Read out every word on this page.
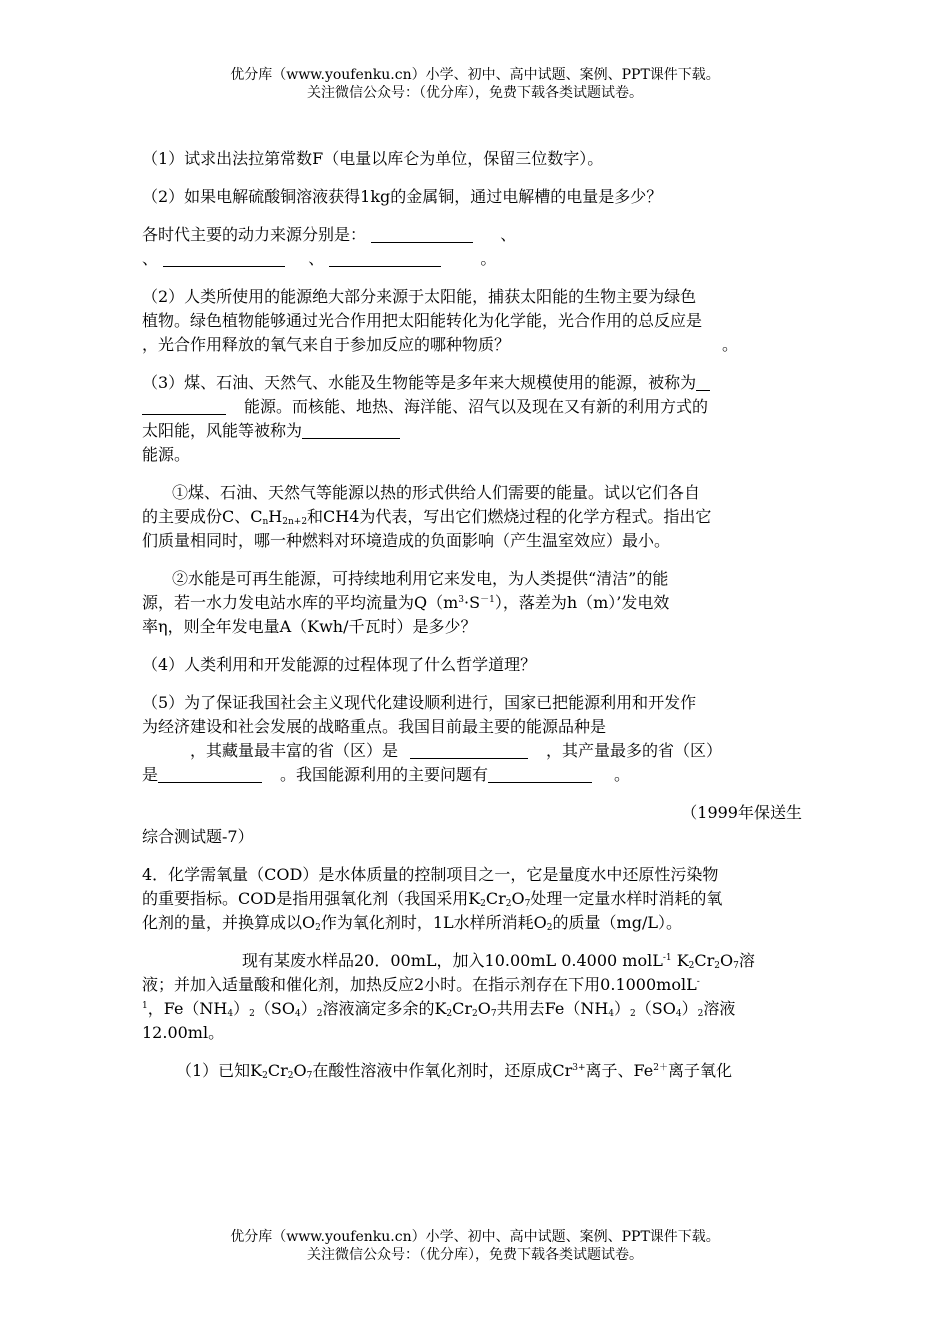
优分库（www.youfenku.cn）小学、初中、高中试题、案例、PPT课件下载。
关注微信公众号：（优分库），免费下载各类试题试卷。

（1）试求出法拉第常数F（电量以库仑为单位，保留三位数字）。

（2）如果电解硫酸铜溶液获得1kg的金属铜，通过电解槽的电量是多少？

各时代主要的动力来源分别是：	、
、	、	。
（2）人类所使用的能源绝大部分来源于太阳能，捕获太阳能的生物主要为绿色
植物。绿色植物能够通过光合作用把太阳能转化为化学能，光合作用的总反应是
，光合作用释放的氧气来自于参加反应的哪种物质？	。
（3）煤、石油、天然气、水能及生物能等是多年来大规模使用的能源，被称为
能源。而核能、地热、海洋能、沼气以及现在又有新的利用方式的
太阳能，风能等被称为
能源。
①煤、石油、天然气等能源以热的形式供给人们需要的能量。试以它们各自
的主要成份C、$C_nH_{2n+2}$和CH4为代表，写出它们燃烧过程的化学方程式。指出它
们质量相同时，哪一种燃料对环境造成的负面影响（产生温室效应）最小。
②水能是可再生能源，可持续地利用它来发电，为人类提供“清洁”的能
源，若一水力发电站水库的平均流量为$Q(m^3\cdot S^{-1})$，落差为h（m）’发电效
率η，则全年发电量A（Kwh/千瓦时）是多少？

（4）人类利用和开发能源的过程体现了什么哲学道理？

（5）为了保证我国社会主义现代化建设顺利进行，国家已把能源利用和开发作
为经济建设和社会发展的战略重点。我国目前最主要的能源品种是
，其藏量最丰富的省（区）是	，其产量最多的省（区）
是	。我国能源利用的主要问题有	。
（1999年保送生
综合测试题-7）
4．化学需氧量（COD）是水体质量的控制项目之一，它是量度水中还原性污染物
的重要指标。COD是指用强氧化剂（我国采用$K_2Cr_2O_7$处理一定量水样时消耗的氧
化剂的量，并换算成以$O_2$作为氧化剂时，1L水样所消耗$O_2$的质量（mg/L）。
现有某废水样品20．00mL，加入10.00mL 0.4000 molL$^{-1}$ $K_2Cr_2O_7$溶
液；并加入适量酸和催化剂，加热反应2小时。在指示剂存在下用0.1000molL-
$^1$，$Fe(NH_4)_2(SO_4)_2$溶液滴定多余的$K_2Cr_2O_7$共用去$Fe(NH_4)_2(SO_4)_2$溶液
12.00ml。
（1）已知$K_2Cr_2O_7$在酸性溶液中作氧化剂时，还原成$Cr^{3+}$离子、$Fe^{2+}$离子氧化
优分库（www.youfenku.cn）小学、初中、高中试题、案例、PPT课件下载。
关注微信公众号：（优分库），免费下载各类试题试卷。
